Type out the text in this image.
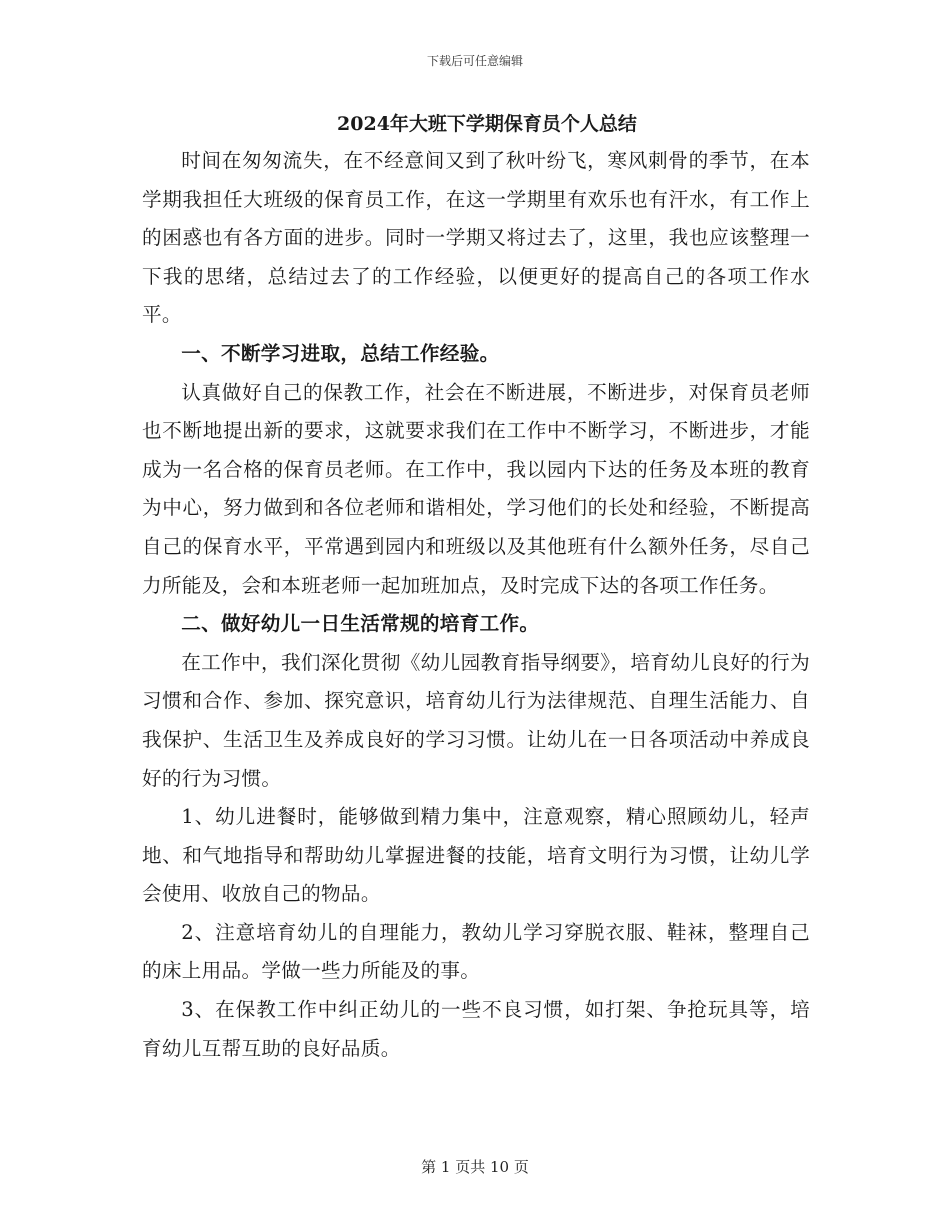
下载后可任意编辑
2024年大班下学期保育员个人总结

时间在匆匆流失，在不经意间又到了秋叶纷飞，寒风刺骨的季节，在本学期我担任大班级的保育员工作，在这一学期里有欢乐也有汗水，有工作上的困惑也有各方面的进步。同时一学期又将过去了，这里，我也应该整理一下我的思绪，总结过去了的工作经验，以便更好的提高自己的各项工作水平。

一、不断学习进取，总结工作经验。

认真做好自己的保教工作，社会在不断进展，不断进步，对保育员老师也不断地提出新的要求，这就要求我们在工作中不断学习，不断进步，才能成为一名合格的保育员老师。在工作中，我以园内下达的任务及本班的教育为中心，努力做到和各位老师和谐相处，学习他们的长处和经验，不断提高自己的保育水平，平常遇到园内和班级以及其他班有什么额外任务，尽自己力所能及，会和本班老师一起加班加点，及时完成下达的各项工作任务。

二、做好幼儿一日生活常规的培育工作。

在工作中，我们深化贯彻《幼儿园教育指导纲要》，培育幼儿良好的行为习惯和合作、参加、探究意识，培育幼儿行为法律规范、自理生活能力、自我保护、生活卫生及养成良好的学习习惯。让幼儿在一日各项活动中养成良好的行为习惯。

1、幼儿进餐时，能够做到精力集中，注意观察，精心照顾幼儿，轻声地、和气地指导和帮助幼儿掌握进餐的技能，培育文明行为习惯，让幼儿学会使用、收放自己的物品。

2、注意培育幼儿的自理能力，教幼儿学习穿脱衣服、鞋袜，整理自己的床上用品。学做一些力所能及的事。

3、在保教工作中纠正幼儿的一些不良习惯，如打架、争抢玩具等，培育幼儿互帮互助的良好品质。

第 1 页共 10 页
